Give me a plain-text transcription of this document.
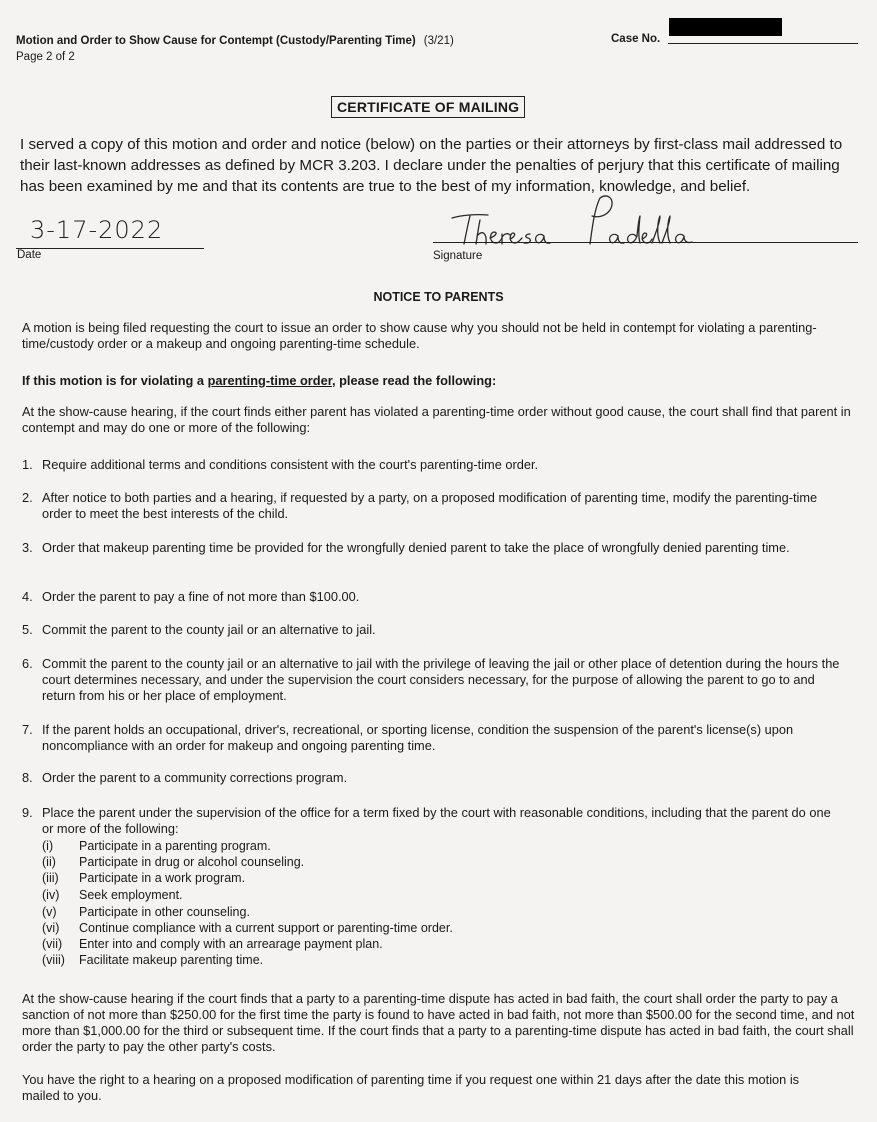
Motion and Order to Show Cause for Contempt (Custody/Parenting Time) (3/21)
Page 2 of 2
Case No.
CERTIFICATE OF MAILING
I served a copy of this motion and order and notice (below) on the parties or their attorneys by first-class mail addressed to their last-known addresses as defined by MCR 3.203. I declare under the penalties of perjury that this certificate of mailing has been examined by me and that its contents are true to the best of my information, knowledge, and belief.
3-17-2022
Date	Signature
NOTICE TO PARENTS
A motion is being filed requesting the court to issue an order to show cause why you should not be held in contempt for violating a parenting-time/custody order or a makeup and ongoing parenting-time schedule.
If this motion is for violating a parenting-time order, please read the following:
At the show-cause hearing, if the court finds either parent has violated a parenting-time order without good cause, the court shall find that parent in contempt and may do one or more of the following:
1. Require additional terms and conditions consistent with the court's parenting-time order.
2. After notice to both parties and a hearing, if requested by a party, on a proposed modification of parenting time, modify the parenting-time order to meet the best interests of the child.
3. Order that makeup parenting time be provided for the wrongfully denied parent to take the place of wrongfully denied parenting time.
4. Order the parent to pay a fine of not more than $100.00.
5. Commit the parent to the county jail or an alternative to jail.
6. Commit the parent to the county jail or an alternative to jail with the privilege of leaving the jail or other place of detention during the hours the court determines necessary, and under the supervision the court considers necessary, for the purpose of allowing the parent to go to and return from his or her place of employment.
7. If the parent holds an occupational, driver's, recreational, or sporting license, condition the suspension of the parent's license(s) upon noncompliance with an order for makeup and ongoing parenting time.
8. Order the parent to a community corrections program.
9. Place the parent under the supervision of the office for a term fixed by the court with reasonable conditions, including that the parent do one or more of the following:
(i) Participate in a parenting program.
(ii) Participate in drug or alcohol counseling.
(iii) Participate in a work program.
(iv) Seek employment.
(v) Participate in other counseling.
(vi) Continue compliance with a current support or parenting-time order.
(vii) Enter into and comply with an arrearage payment plan.
(viii) Facilitate makeup parenting time.
At the show-cause hearing if the court finds that a party to a parenting-time dispute has acted in bad faith, the court shall order the party to pay a sanction of not more than $250.00 for the first time the party is found to have acted in bad faith, not more than $500.00 for the second time, and not more than $1,000.00 for the third or subsequent time. If the court finds that a party to a parenting-time dispute has acted in bad faith, the court shall order the party to pay the other party's costs.
You have the right to a hearing on a proposed modification of parenting time if you request one within 21 days after the date this motion is mailed to you.
